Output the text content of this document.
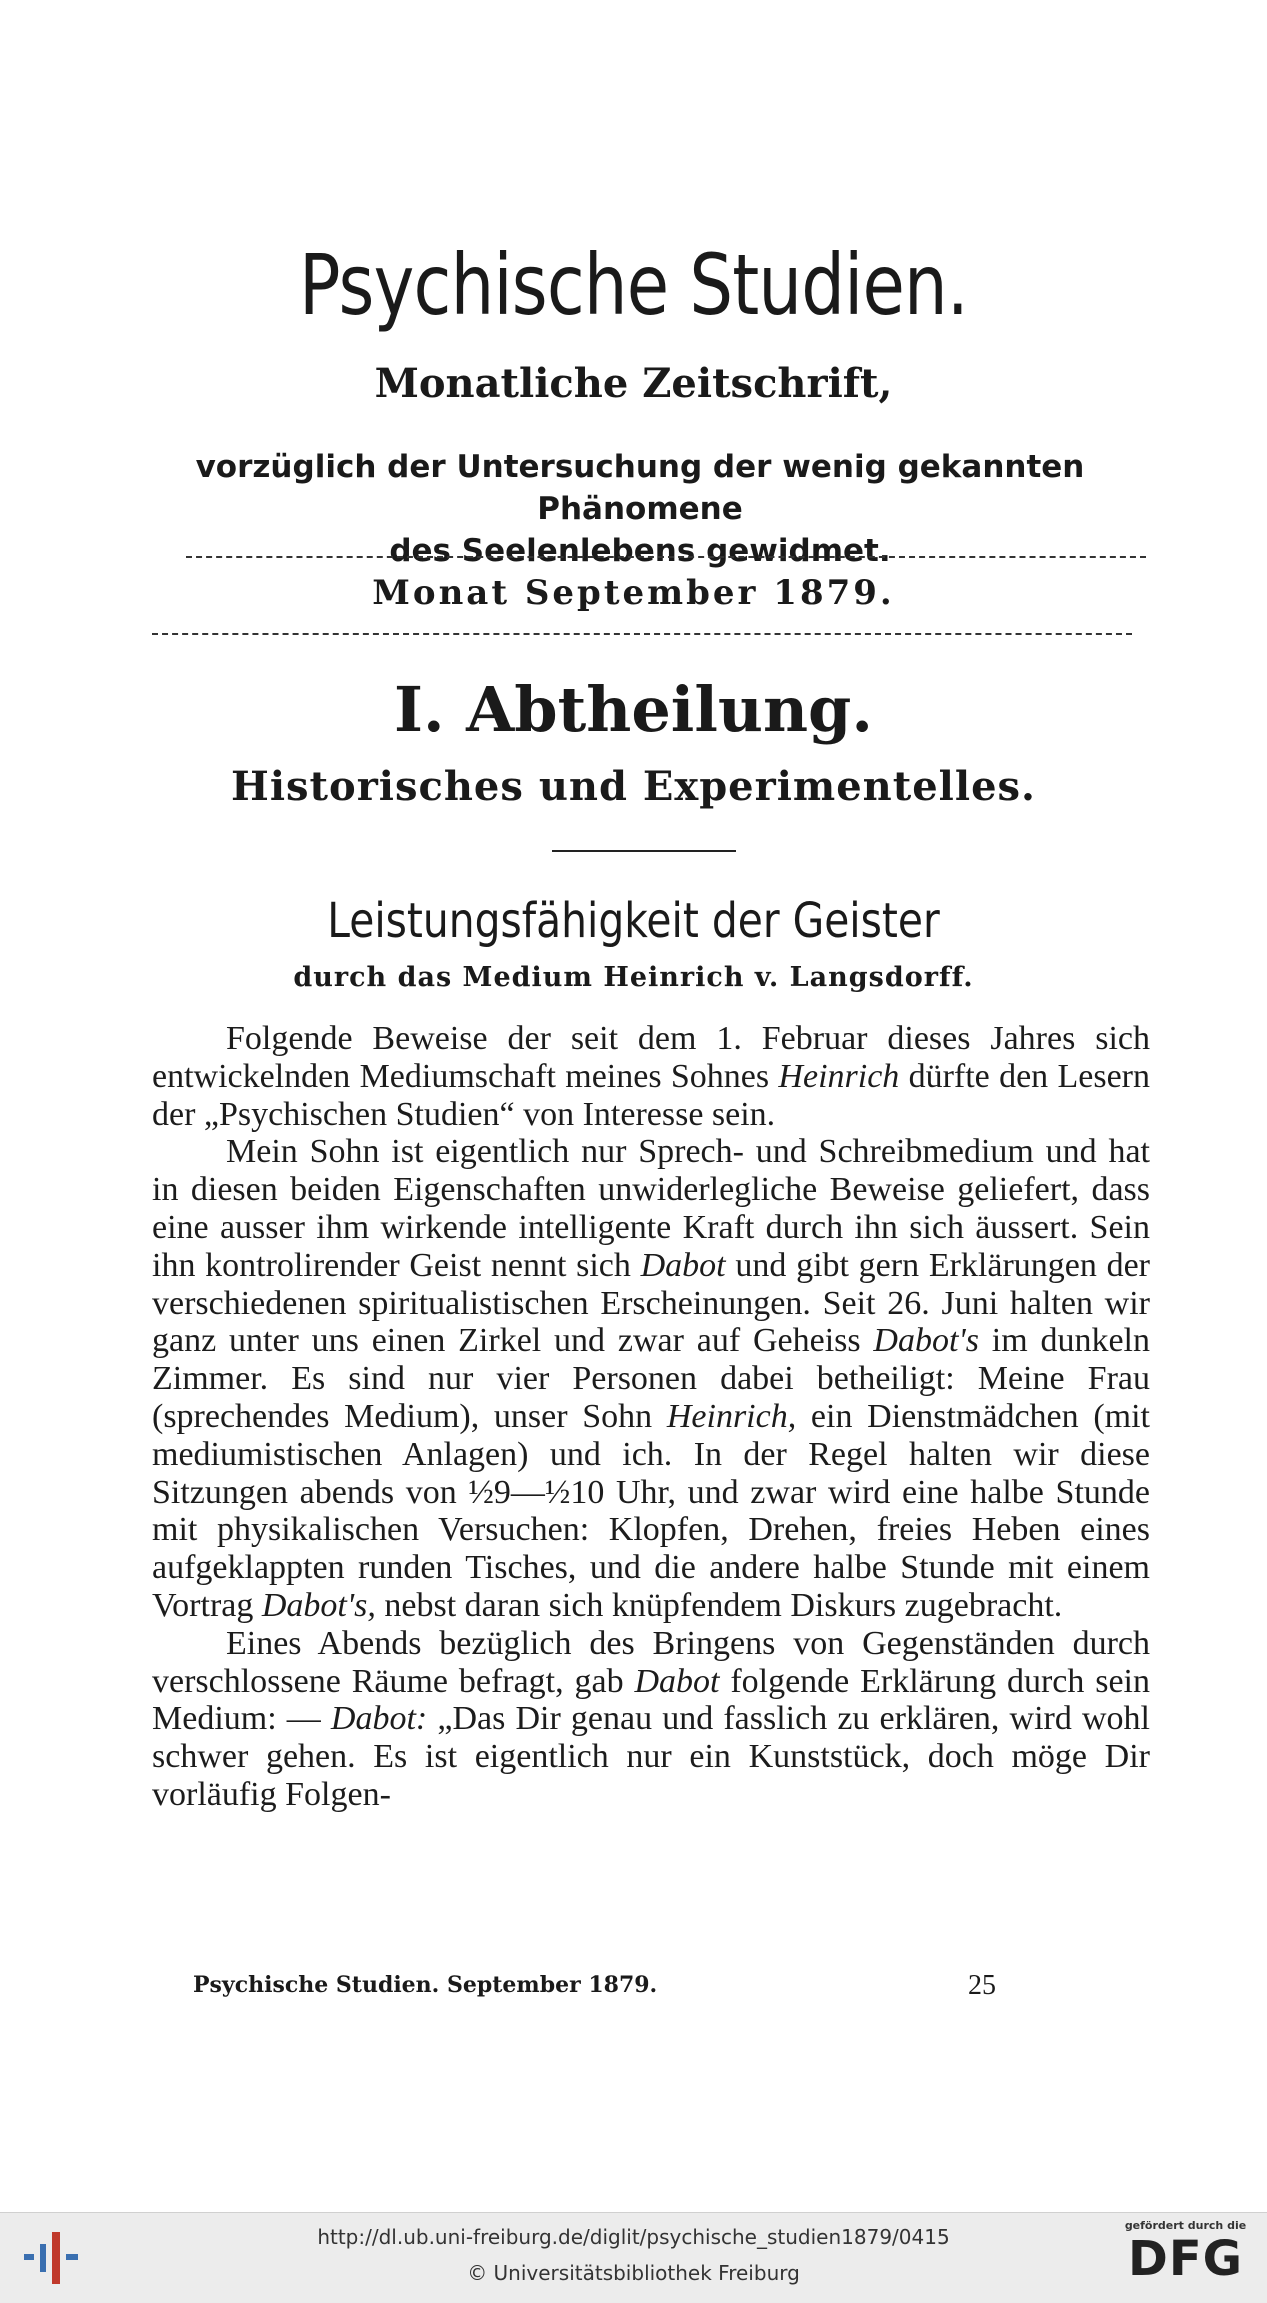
Psychische Studien.
Monatliche Zeitschrift,
vorzüglich der Untersuchung der wenig gekannten Phänomene
des Seelenlebens gewidmet.
Monat September 1879.
I. Abtheilung.
Historisches und Experimentelles.
Leistungsfähigkeit der Geister
durch das Medium Heinrich v. Langsdorff.

Folgende Beweise der seit dem 1. Februar dieses Jahres sich entwickelnden Mediumschaft meines Sohnes Heinrich dürfte den Lesern der „Psychischen Studien“ von Interesse sein.

Mein Sohn ist eigentlich nur Sprech- und Schreibmedium und hat in diesen beiden Eigenschaften unwiderlegliche Beweise geliefert, dass eine ausser ihm wirkende intelligente Kraft durch ihn sich äussert. Sein ihn kontrolirender Geist nennt sich Dabot und gibt gern Erklärungen der verschiedenen spiritualistischen Erscheinungen. Seit 26. Juni halten wir ganz unter uns einen Zirkel und zwar auf Geheiss Dabot's im dunkeln Zimmer. Es sind nur vier Personen dabei betheiligt: Meine Frau (sprechendes Medium), unser Sohn Heinrich, ein Dienstmädchen (mit mediumistischen Anlagen) und ich. In der Regel halten wir diese Sitzungen abends von ½9—½10 Uhr, und zwar wird eine halbe Stunde mit physikalischen Versuchen: Klopfen, Drehen, freies Heben eines aufgeklappten runden Tisches, und die andere halbe Stunde mit einem Vortrag Dabot's, nebst daran sich knüpfendem Diskurs zugebracht.

Eines Abends bezüglich des Bringens von Gegenständen durch verschlossene Räume befragt, gab Dabot folgende Erklärung durch sein Medium: — Dabot: „Das Dir genau und fasslich zu erklären, wird wohl schwer gehen. Es ist eigentlich nur ein Kunststück, doch möge Dir vorläufig Folgen-

Psychische Studien. September 1879.	25
http://dl.ub.uni-freiburg.de/diglit/psychische_studien1879/0415
© Universitätsbibliothek Freiburg
gefördert durch die
DFG
